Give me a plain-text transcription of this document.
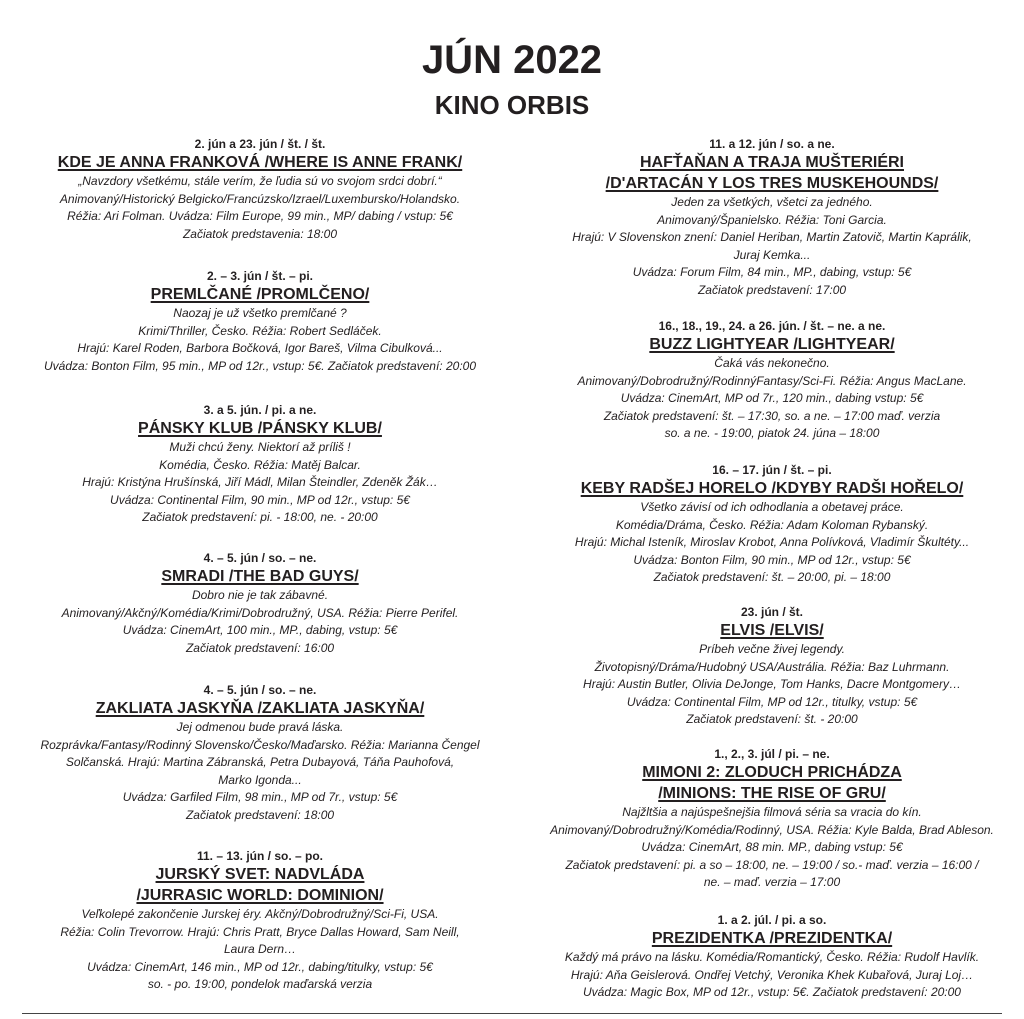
JÚN 2022
KINO ORBIS
2. jún a 23. jún / št. / št.
KDE JE ANNA FRANKOVÁ /WHERE IS ANNE FRANK/
„Navzdory všetkému, stále verím, že ľudia sú vo svojom srdci dobrí.“
Animovaný/Historický Belgicko/Francúzsko/Izrael/Luxembursko/Holandsko.
Réžia: Ari Folman. Uvádza: Film Europe, 99 min., MP/ dabing / vstup: 5€
Začiatok predstavenia: 18:00
2. – 3. jún / št. – pi.
PREMLČANÉ /PROMLČENO/
Naozaj je už všetko premlčané ?
Krimi/Thriller, Česko. Réžia: Robert Sedláček.
Hrajú: Karel Roden, Barbora Bočková, Igor Bareš, Vilma Cibulková...
Uvádza: Bonton Film, 95 min., MP od 12r., vstup: 5€. Začiatok predstavení: 20:00
3. a 5. jún. / pi. a ne.
PÁNSKY KLUB /PÁNSKY KLUB/
Muži chcú ženy. Niektorí až príliš !
Komédia, Česko. Réžia: Matěj Balcar.
Hrajú: Kristýna Hrušínská, Jiří Mádl, Milan Šteindler, Zdeněk Žák…
Uvádza: Continental Film, 90 min., MP od 12r., vstup: 5€
Začiatok predstavení: pi. - 18:00, ne. - 20:00
4. – 5. jún / so. – ne.
SMRADI /THE BAD GUYS/
Dobro nie je tak zábavné.
Animovaný/Akčný/Komédia/Krimi/Dobrodružný, USA. Réžia: Pierre Perifel.
Uvádza: CinemArt, 100 min., MP., dabing, vstup: 5€
Začiatok predstavení: 16:00
4. – 5. jún / so. – ne.
ZAKLIATA JASKYŇA /ZAKLIATA JASKYŇA/
Jej odmenou bude pravá láska.
Rozprávka/Fantasy/Rodinný Slovensko/Česko/Maďarsko. Réžia: Marianna Čengel
Solčanská. Hrajú: Martina Zábranská, Petra Dubayová, Táňa Pauhofová,
Marko Igonda...
Uvádza: Garfiled Film, 98 min., MP od 7r., vstup: 5€
Začiatok predstavení: 18:00
11. – 13. jún / so. – po.
JURSKÝ SVET: NADVLÁDA
/JURRASIC WORLD: DOMINION/
Veľkolepé zakončenie Jurskej éry. Akčný/Dobrodružný/Sci-Fi, USA.
Réžia: Colin Trevorrow. Hrajú: Chris Pratt, Bryce Dallas Howard, Sam Neill,
Laura Dern…
Uvádza: CinemArt, 146 min., MP od 12r., dabing/titulky, vstup: 5€
so. - po. 19:00, pondelok maďarská verzia
11. a 12. jún / so. a ne.
HAFŤAŇAN A TRAJA MUŠTERIÉRI
/D'ARTACÁN Y LOS TRES MUSKEHOUNDS/
Jeden za všetkých, všetci za jedného.
Animovaný/Španielsko. Réžia: Toni Garcia.
Hrajú: V Slovenskon znení: Daniel Heriban, Martin Zatovič, Martin Kaprálik,
Juraj Kemka...
Uvádza: Forum Film, 84 min., MP., dabing, vstup: 5€
Začiatok predstavení: 17:00
16., 18., 19., 24. a 26. jún. / št. – ne. a ne.
BUZZ LIGHTYEAR /LIGHTYEAR/
Čaká vás nekonečno.
Animovaný/Dobrodružný/RodinnýFantasy/Sci-Fi. Réžia: Angus MacLane.
Uvádza: CinemArt, MP od 7r., 120 min., dabing vstup: 5€
Začiatok predstavení: št. – 17:30, so. a ne. – 17:00 maď. verzia
so. a ne. - 19:00, piatok 24. júna – 18:00
16. – 17. jún / št. – pi.
KEBY RADŠEJ HORELO /KDYBY RADŠI HOŘELO/
Všetko závisí od ich odhodlania a obetavej práce.
Komédia/Dráma, Česko. Réžia: Adam Koloman Rybanský.
Hrajú: Michal Isteník, Miroslav Krobot, Anna Polívková, Vladimír Škultéty...
Uvádza: Bonton Film, 90 min., MP od 12r., vstup: 5€
Začiatok predstavení: št. – 20:00, pi. – 18:00
23. jún / št.
ELVIS /ELVIS/
Príbeh večne živej legendy.
Životopisný/Dráma/Hudobný USA/Austrália. Réžia: Baz Luhrmann.
Hrajú: Austin Butler, Olivia DeJonge, Tom Hanks, Dacre Montgomery…
Uvádza: Continental Film, MP od 12r., titulky, vstup: 5€
Začiatok predstavení: št. - 20:00
1., 2., 3. júl / pi. – ne.
MIMONI 2: ZLODUCH PRICHÁDZA
/MINIONS: THE RISE OF GRU/
Najžltšia a najúspešnejšia filmová séria sa vracia do kín.
Animovaný/Dobrodružný/Komédia/Rodinný, USA. Réžia: Kyle Balda, Brad Ableson.
Uvádza: CinemArt, 88 min. MP., dabing vstup: 5€
Začiatok predstavení: pi. a so – 18:00, ne. – 19:00 / so.- maď. verzia – 16:00 /
ne. – maď. verzia – 17:00
1. a 2. júl. / pi. a so.
PREZIDENTKA /PREZIDENTKA/
Každý má právo na lásku. Komédia/Romantický, Česko. Réžia: Rudolf Havlík.
Hrajú: Aňa Geislerová. Ondřej Vetchý, Veronika Khek Kubařová, Juraj Loj…
Uvádza: Magic Box, MP od 12r., vstup: 5€. Začiatok predstavení: 20:00
